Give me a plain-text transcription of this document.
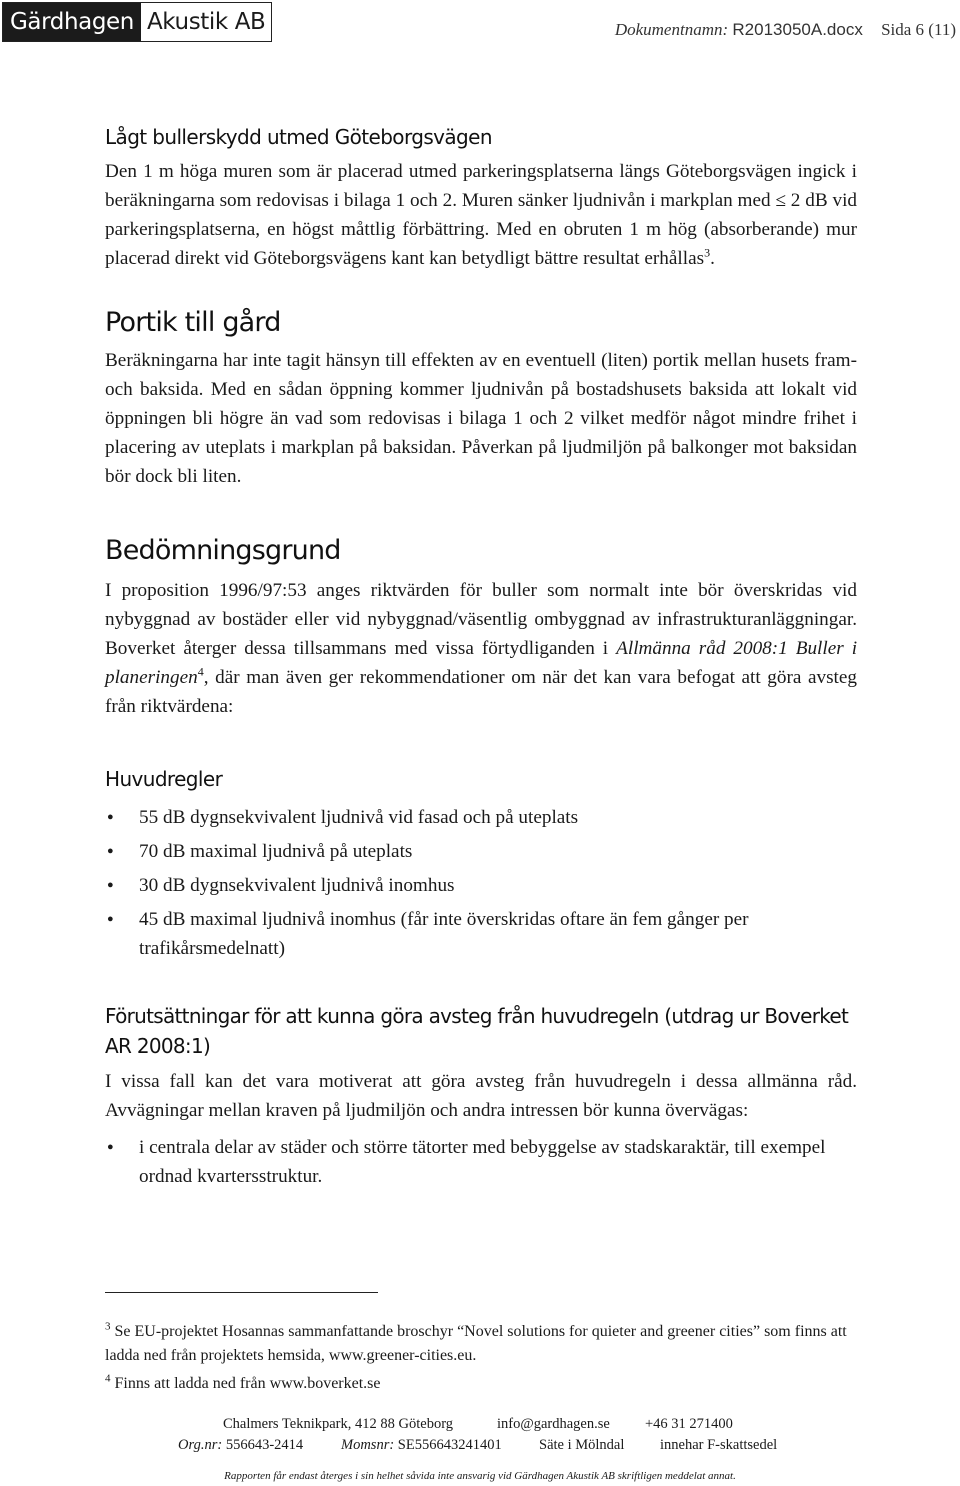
Gärdhagen Akustik AB	Dokumentnamn: R2013050A.docx Sida 6 (11)
Lågt bullerskydd utmed Göteborgsvägen

Den 1 m höga muren som är placerad utmed parkeringsplatserna längs Göteborgsvägen ingick i beräkningarna som redovisas i bilaga 1 och 2. Muren sänker ljudnivån i markplan med ≤ 2 dB vid parkeringsplatserna, en högst måttlig förbättring. Med en obruten 1 m hög (absorberande) mur placerad direkt vid Göteborgsvägens kant kan betydligt bättre resultat erhållas$^3$.

Portik till gård

Beräkningarna har inte tagit hänsyn till effekten av en eventuell (liten) portik mellan husets fram- och baksida. Med en sådan öppning kommer ljudnivån på bostadshusets baksida att lokalt vid öppningen bli högre än vad som redovisas i bilaga 1 och 2 vilket medför något mindre frihet i placering av uteplats i markplan på baksidan. Påverkan på ljudmiljön på balkonger mot baksidan bör dock bli liten.

Bedömningsgrund

I proposition 1996/97:53 anges riktvärden för buller som normalt inte bör överskridas vid nybyggnad av bostäder eller vid nybyggnad/väsentlig ombyggnad av infrastrukturanläggningar. Boverket återger dessa tillsammans med vissa förtydliganden i Allmänna råd 2008:1 Buller i planeringen$^4$, där man även ger rekommendationer om när det kan vara befogat att göra avsteg från riktvärdena:

Huvudregler
● 55 dB dygnsekvivalent ljudnivå vid fasad och på uteplats
● 70 dB maximal ljudnivå på uteplats
● 30 dB dygnsekvivalent ljudnivå inomhus
● 45 dB maximal ljudnivå inomhus (får inte överskridas oftare än fem gånger per trafikårsmedelnatt)
Förutsättningar för att kunna göra avsteg från huvudregeln (utdrag ur Boverket AR 2008:1)

I vissa fall kan det vara motiverat att göra avsteg från huvudregeln i dessa allmänna råd. Avvägningar mellan kraven på ljudmiljön och andra intressen bör kunna övervägas:

● i centrala delar av städer och större tätorter med bebyggelse av stadskaraktär, till exempel ordnad kvartersstruktur.

$^3$ Se EU-projektet Hosannas sammanfattande broschyr “Novel solutions for quieter and greener cities” som finns att ladda ned från projektets hemsida, www.greener-cities.eu.

$^4$ Finns att ladda ned från www.boverket.se

Chalmers Teknikpark, 412 88 Göteborg	info@gardhagen.se +46 31 271400
Org.nr: 556643-2414	Momsnr: SE556643241401	Säte i Mölndal innehar F-skattsedel
Rapporten får endast återges i sin helhet såvida inte ansvarig vid Gärdhagen Akustik AB skriftligen meddelat annat.
